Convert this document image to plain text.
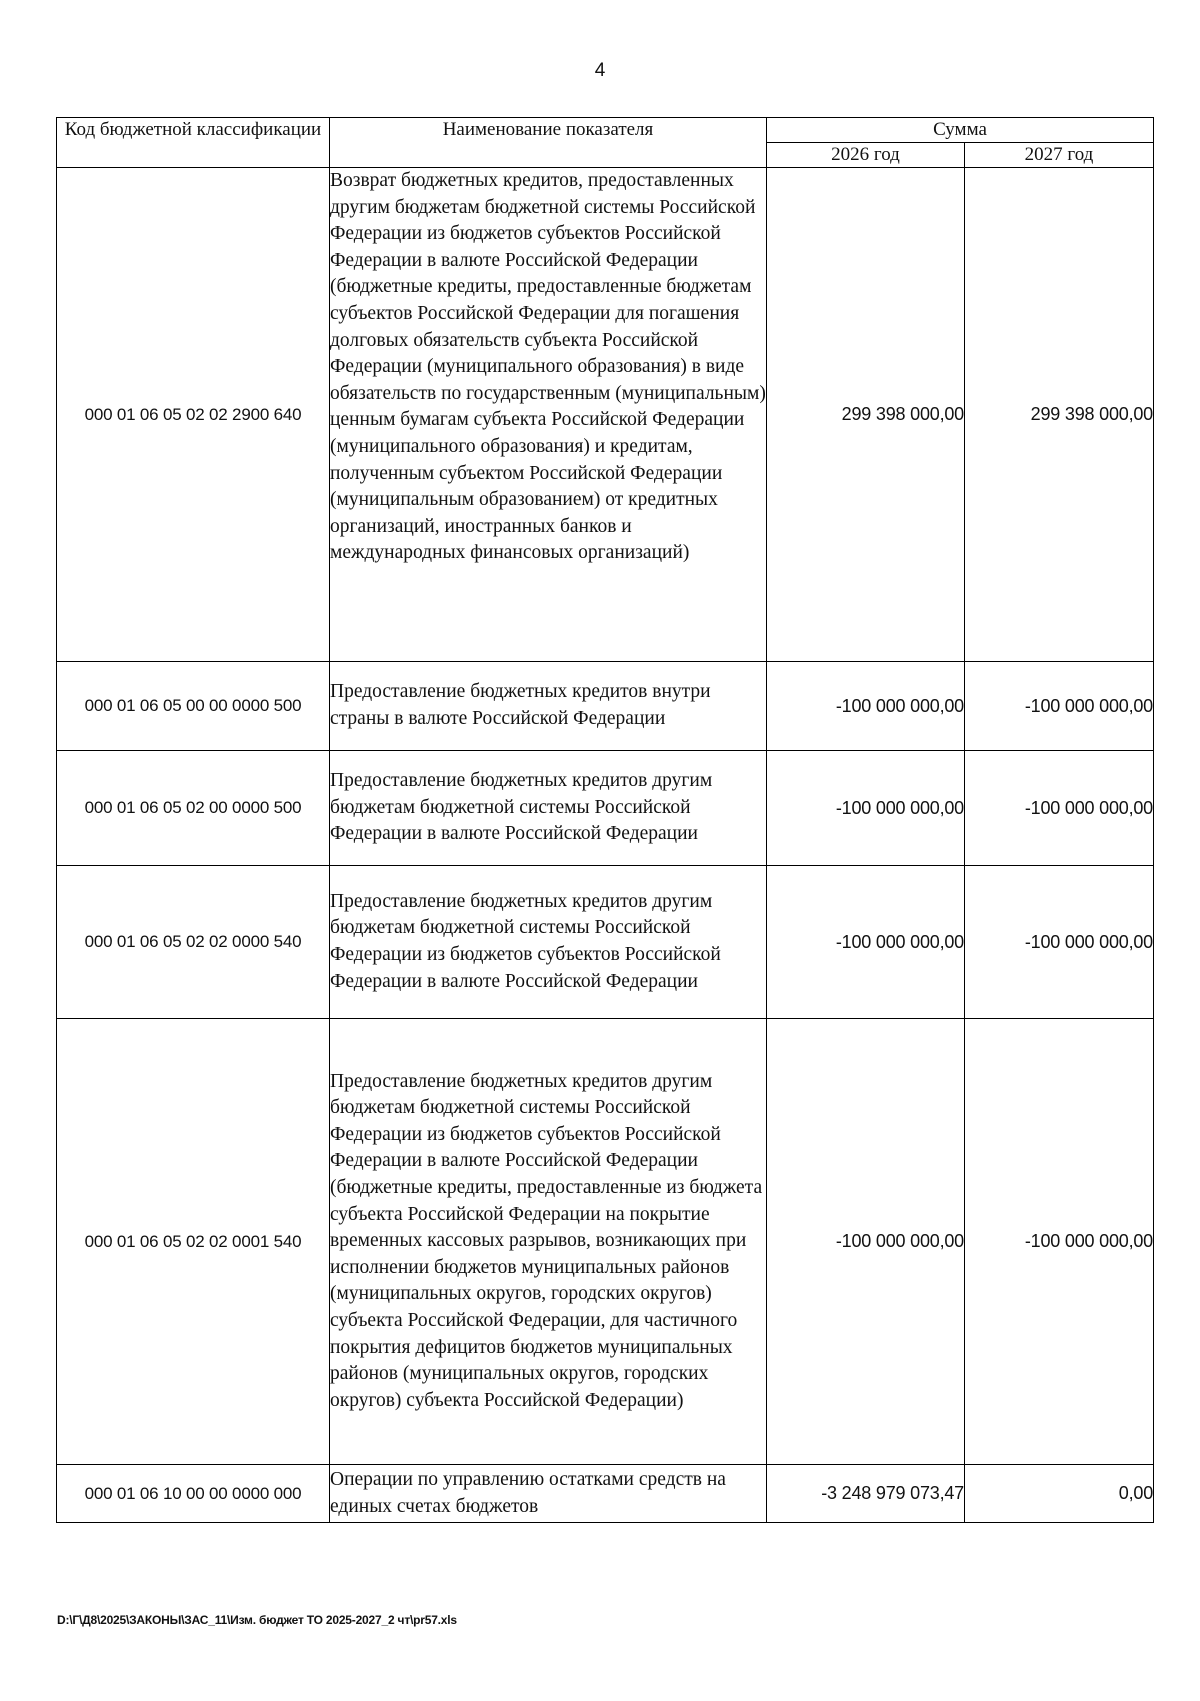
4
Код бюджетной классификации	Наименование показателя	Сумма	
		2026 год	2027 год
000 01 06 05 02 02 2900 640	Возврат бюджетных кредитов, предоставленных другим бюджетам бюджетной системы Российской Федерации из бюджетов субъектов Российской Федерации в валюте Российской Федерации (бюджетные кредиты, предоставленные бюджетам субъектов Российской Федерации для погашения долговых обязательств субъекта Российской Федерации (муниципального образования) в виде обязательств по государственным (муниципальным) ценным бумагам субъекта Российской Федерации (муниципального образования) и кредитам, полученным субъектом Российской Федерации (муниципальным образованием) от кредитных организаций, иностранных банков и международных финансовых организаций)	299 398 000,00	299 398 000,00
000 01 06 05 00 00 0000 500	Предоставление бюджетных кредитов внутри страны в валюте Российской Федерации	-100 000 000,00	-100 000 000,00
000 01 06 05 02 00 0000 500	Предоставление бюджетных кредитов другим бюджетам бюджетной системы Российской Федерации в валюте Российской Федерации	-100 000 000,00	-100 000 000,00
000 01 06 05 02 02 0000 540	Предоставление бюджетных кредитов другим бюджетам бюджетной системы Российской Федерации из бюджетов субъектов Российской Федерации в валюте Российской Федерации	-100 000 000,00	-100 000 000,00
000 01 06 05 02 02 0001 540	Предоставление бюджетных кредитов другим бюджетам бюджетной системы Российской Федерации из бюджетов субъектов Российской Федерации в валюте Российской Федерации (бюджетные кредиты, предоставленные из бюджета субъекта Российской Федерации на покрытие временных кассовых разрывов, возникающих при исполнении бюджетов муниципальных районов (муниципальных округов, городских округов) субъекта Российской Федерации, для частичного покрытия дефицитов бюджетов муниципальных районов (муниципальных округов, городских округов) субъекта Российской Федерации)	-100 000 000,00	-100 000 000,00
000 01 06 10 00 00 0000 000	Операции по управлению остатками средств на единых счетах бюджетов	-3 248 979 073,47	0,00
D:\Г\Д8\2025\ЗАКОНЫ\ЗАС_11\Изм. бюджет ТО 2025-2027_2 чт\pr57.xls
